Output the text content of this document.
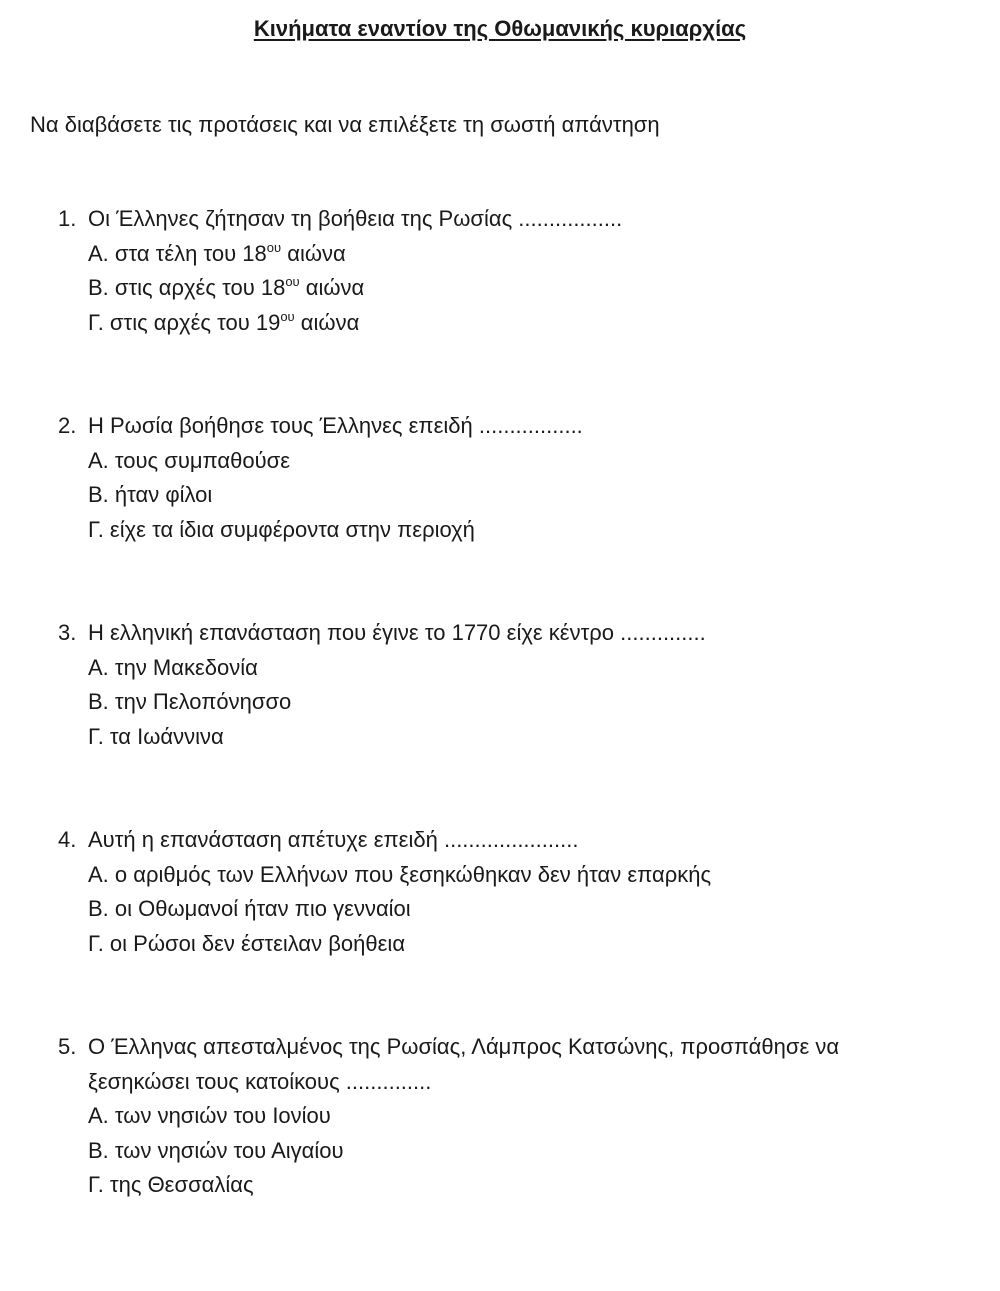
Κινήματα εναντίον της Οθωμανικής κυριαρχίας
Να διαβάσετε τις προτάσεις και να επιλέξετε τη σωστή απάντηση
1. Οι Έλληνες ζήτησαν τη βοήθεια της Ρωσίας .................
Α. στα τέλη του $18^{o\upsilon}$ αιώνα
Β. στις αρχές του $18^{o\upsilon}$ αιώνα
Γ. στις αρχές του $19^{o\upsilon}$ αιώνα
2. Η Ρωσία βοήθησε τους Έλληνες επειδή .................
Α. τους συμπαθούσε
Β. ήταν φίλοι
Γ. είχε τα ίδια συμφέροντα στην περιοχή
3. Η ελληνική επανάσταση που έγινε το 1770 είχε κέντρο ..............
Α. την Μακεδονία
Β. την Πελοπόνησσο
Γ. τα Ιωάννινα
4. Αυτή η επανάσταση απέτυχε επειδή ......................
Α. ο αριθμός των Ελλήνων που ξεσηκώθηκαν δεν ήταν επαρκής
Β. οι Οθωμανοί ήταν πιο γενναίοι
Γ. οι Ρώσοι δεν έστειλαν βοήθεια
5. Ο Έλληνας απεσταλμένος της Ρωσίας, Λάμπρος Κατσώνης, προσπάθησε να ξεσηκώσει τους κατοίκους ..............
Α. των νησιών του Ιονίου
Β. των νησιών του Αιγαίου
Γ. της Θεσσαλίας
